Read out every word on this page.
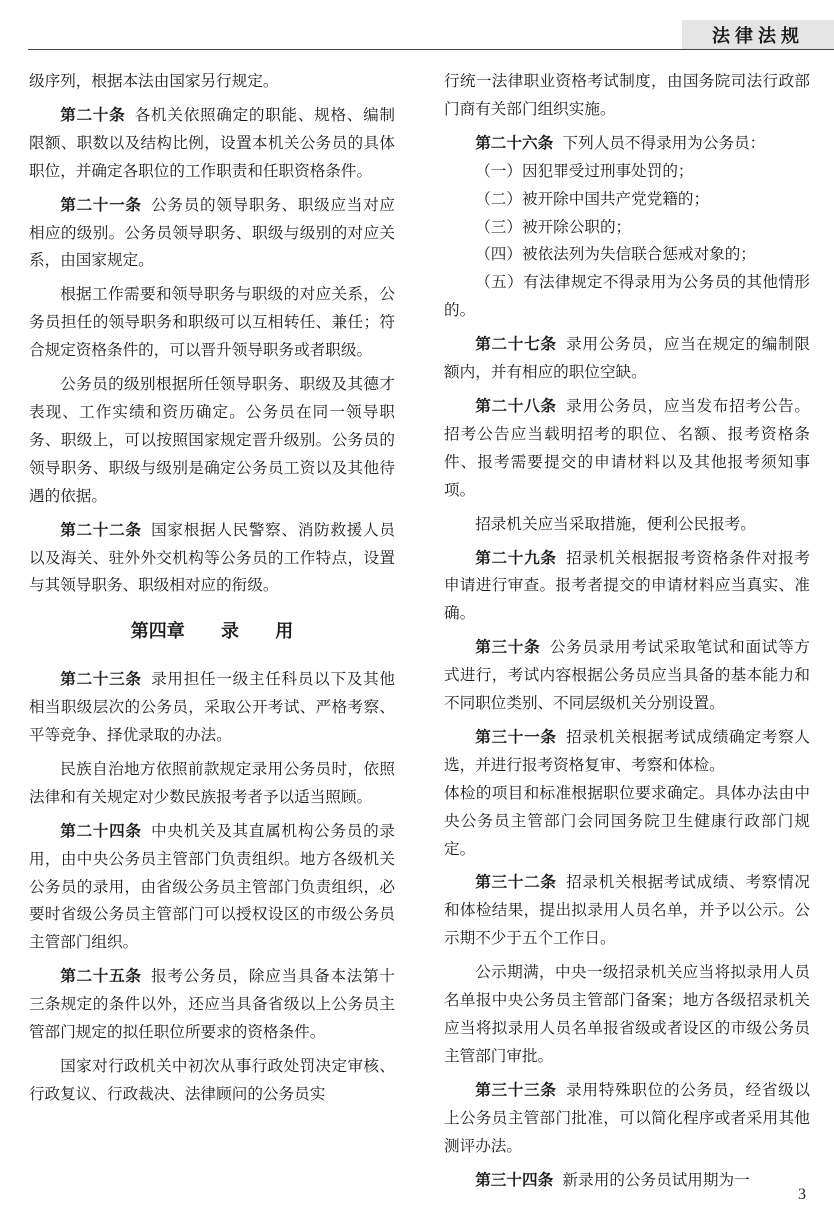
法律法规

级序列，根据本法由国家另行规定。

第二十条 各机关依照确定的职能、规格、编制限额、职数以及结构比例，设置本机关公务员的具体职位，并确定各职位的工作职责和任职资格条件。

第二十一条 公务员的领导职务、职级应当对应相应的级别。公务员领导职务、职级与级别的对应关系，由国家规定。

根据工作需要和领导职务与职级的对应关系，公务员担任的领导职务和职级可以互相转任、兼任；符合规定资格条件的，可以晋升领导职务或者职级。

公务员的级别根据所任领导职务、职级及其德才表现、工作实绩和资历确定。公务员在同一领导职务、职级上，可以按照国家规定晋升级别。公务员的领导职务、职级与级别是确定公务员工资以及其他待遇的依据。

第二十二条 国家根据人民警察、消防救援人员以及海关、驻外外交机构等公务员的工作特点，设置与其领导职务、职级相对应的衔级。

第四章 录 用

第二十三条 录用担任一级主任科员以下及其他相当职级层次的公务员，采取公开考试、严格考察、平等竞争、择优录取的办法。

民族自治地方依照前款规定录用公务员时，依照法律和有关规定对少数民族报考者予以适当照顾。

第二十四条 中央机关及其直属机构公务员的录用，由中央公务员主管部门负责组织。地方各级机关公务员的录用，由省级公务员主管部门负责组织，必要时省级公务员主管部门可以授权设区的市级公务员主管部门组织。

第二十五条 报考公务员，除应当具备本法第十三条规定的条件以外，还应当具备省级以上公务员主管部门规定的拟任职位所要求的资格条件。

国家对行政机关中初次从事行政处罚决定审核、行政复议、行政裁决、法律顾问的公务员实

行统一法律职业资格考试制度，由国务院司法行政部门商有关部门组织实施。

第二十六条 下列人员不得录用为公务员：

（一）因犯罪受过刑事处罚的；

（二）被开除中国共产党党籍的；

（三）被开除公职的；

（四）被依法列为失信联合惩戒对象的；

（五）有法律规定不得录用为公务员的其他情形的。

第二十七条 录用公务员，应当在规定的编制限额内，并有相应的职位空缺。

第二十八条 录用公务员，应当发布招考公告。招考公告应当载明招考的职位、名额、报考资格条件、报考需要提交的申请材料以及其他报考须知事项。

招录机关应当采取措施，便利公民报考。

第二十九条 招录机关根据报考资格条件对报考申请进行审查。报考者提交的申请材料应当真实、准确。

第三十条 公务员录用考试采取笔试和面试等方式进行，考试内容根据公务员应当具备的基本能力和不同职位类别、不同层级机关分别设置。

第三十一条 招录机关根据考试成绩确定考察人选，并进行报考资格复审、考察和体检。

体检的项目和标准根据职位要求确定。具体办法由中央公务员主管部门会同国务院卫生健康行政部门规定。

第三十二条 招录机关根据考试成绩、考察情况和体检结果，提出拟录用人员名单，并予以公示。公示期不少于五个工作日。

公示期满，中央一级招录机关应当将拟录用人员名单报中央公务员主管部门备案；地方各级招录机关应当将拟录用人员名单报省级或者设区的市级公务员主管部门审批。

第三十三条 录用特殊职位的公务员，经省级以上公务员主管部门批准，可以简化程序或者采用其他测评办法。

第三十四条 新录用的公务员试用期为一

3
